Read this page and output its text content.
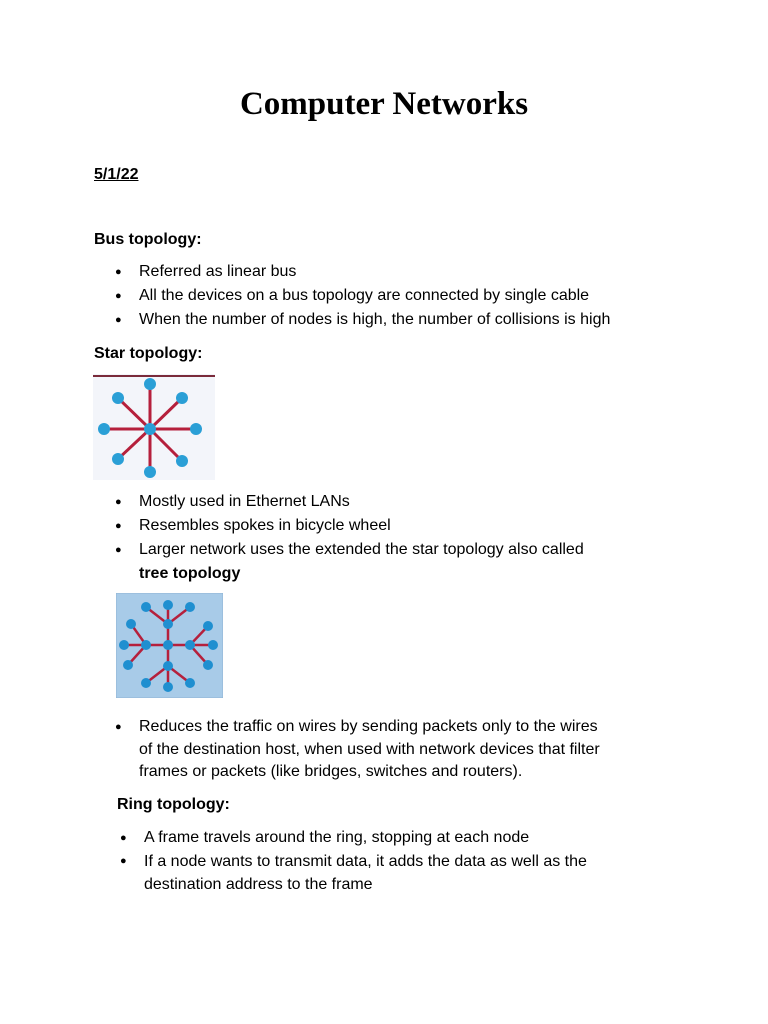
Computer Networks
5/1/22
Bus topology:
● Referred as linear bus
● All the devices on a bus topology are connected by single cable
● When the number of nodes is high, the number of collisions is high
Star topology:
● Mostly used in Ethernet LANs
● Resembles spokes in bicycle wheel
● Larger network uses the extended the star topology also called
tree topology
● Reduces the traffic on wires by sending packets only to the wires
of the destination host, when used with network devices that filter
frames or packets (like bridges, switches and routers).
Ring topology:
● A frame travels around the ring, stopping at each node
● If a node wants to transmit data, it adds the data as well as the
destination address to the frame
